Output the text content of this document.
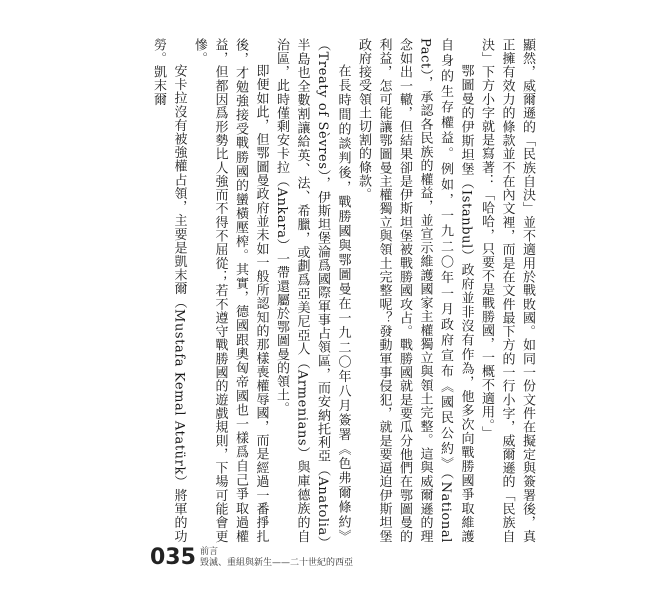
顯然，威爾遜的「民族自決」並不適用於戰敗國。如同一份文件在擬定與簽署後，真正擁有效力的條款並不在內文裡，而是在文件最下方的一行小字，威爾遜的「民族自決」下方小字就是寫著：「哈哈，只要不是戰勝國，一概不適用。」

鄂圖曼的伊斯坦堡（Istanbul）政府並非沒有作為，他多次向戰勝國爭取維護自身的生存權益。例如，一九二〇年一月政府宣布《國民公約》（National Pact），承認各民族的權益，並宣示維護國家主權獨立與領土完整。這與威爾遜的理念如出一轍，但結果卻是伊斯坦堡被戰勝國攻占。戰勝國就是要瓜分他們在鄂圖曼的利益，怎可能讓鄂圖曼主權獨立與領土完整呢？發動軍事侵犯，就是要逼迫伊斯坦堡政府接受領土切割的條款。

在長時間的談判後，戰勝國與鄂圖曼在一九二〇年八月簽署《色弗爾條約》（Treaty of Sèvres），伊斯坦堡淪爲國際軍事占領區，而安納托利亞（Anatolia）半島也全數割讓給英、法、希臘，或劃爲亞美尼亞人（Armenians）與庫德族的自治區，此時僅剩安卡拉（Ankara）一帶還屬於鄂圖曼的領土。

即便如此，但鄂圖曼政府並未如一般所認知的那樣喪權辱國，而是經過一番掙扎後，才勉強接受戰勝國的蠻橫壓榨。其實，德國跟奧匈帝國也一樣爲自己爭取過權益，但都因爲形勢比人強而不得不屈從；若不遵守戰勝國的遊戲規則，下場可能會更慘。

安卡拉沒有被強權占領，主要是凱末爾（Mustafa Kemal Atatürk）將軍的功勞。凱末爾

035 前言
毀滅、重組與新生——二十世紀的西亞
